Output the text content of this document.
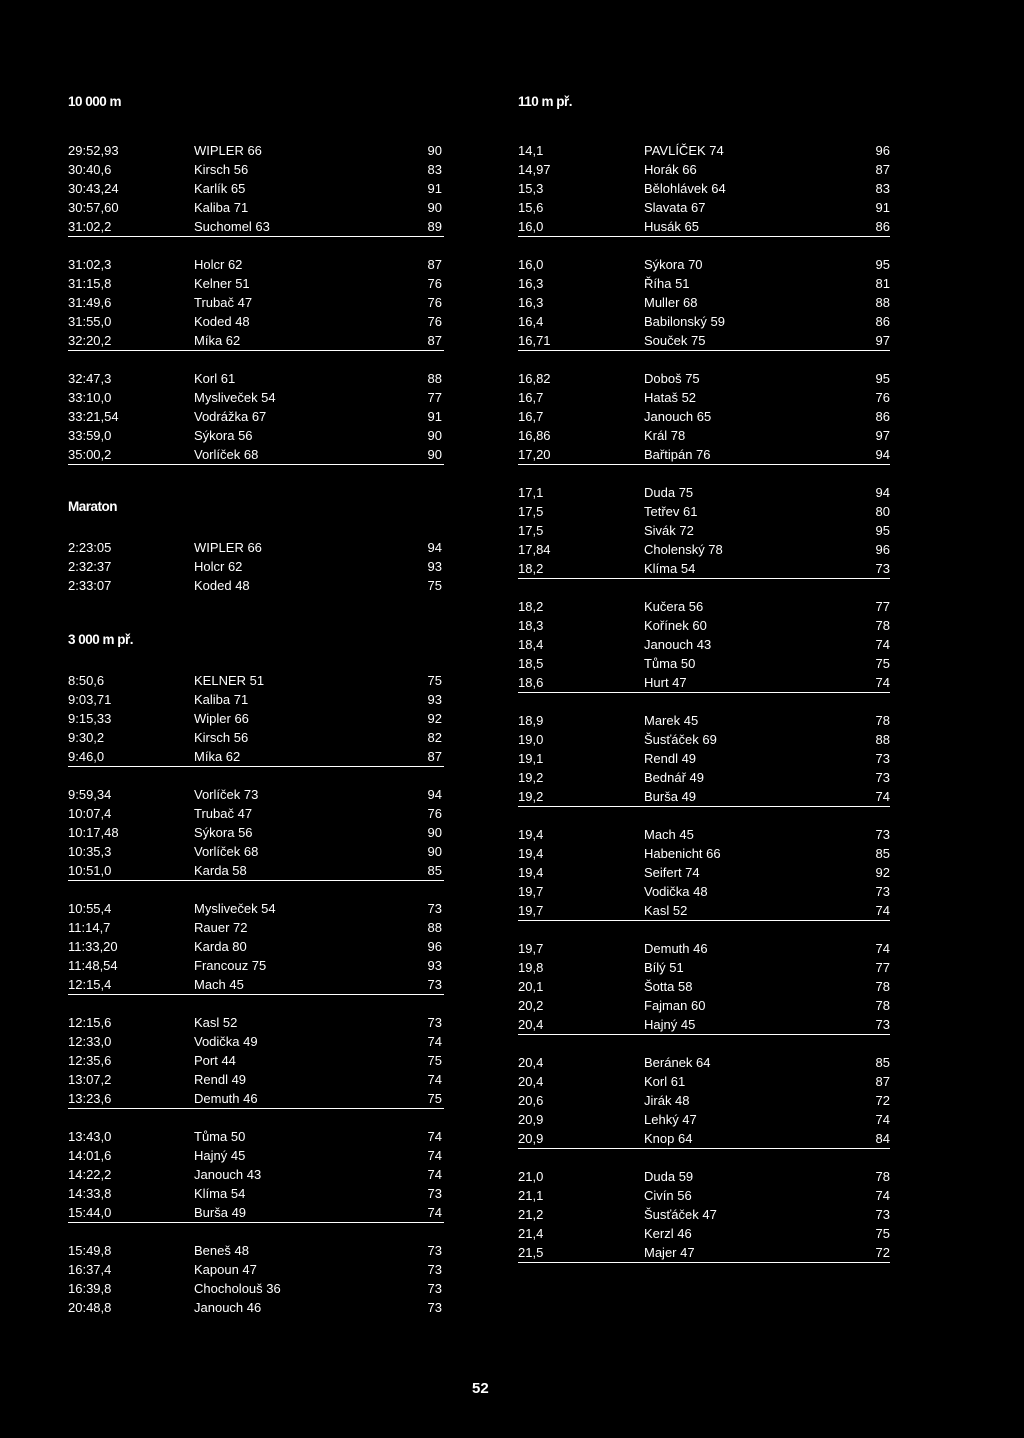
10 000 m
29:52,93	WIPLER 66	90
30:40,6	Kirsch 56	83
30:43,24	Karlík 65	91
30:57,60	Kaliba 71	90
31:02,2	Suchomel 63	89
31:02,3	Holcr 62	87
31:15,8	Kelner 51	76
31:49,6	Trubač 47	76
31:55,0	Koded 48	76
32:20,2	Míka 62	87
32:47,3	Korl 61	88
33:10,0	Mysliveček 54	77
33:21,54	Vodrážka 67	91
33:59,0	Sýkora 56	90
35:00,2	Vorlíček 68	90
Maraton
2:23:05	WIPLER 66	94
2:32:37	Holcr 62	93
2:33:07	Koded 48	75
3 000 m př.
8:50,6	KELNER 51	75
9:03,71	Kaliba 71	93
9:15,33	Wipler 66	92
9:30,2	Kirsch 56	82
9:46,0	Míka 62	87
9:59,34	Vorlíček 73	94
10:07,4	Trubač 47	76
10:17,48	Sýkora 56	90
10:35,3	Vorlíček 68	90
10:51,0	Karda 58	85
10:55,4	Mysliveček 54	73
11:14,7	Rauer 72	88
11:33,20	Karda 80	96
11:48,54	Francouz 75	93
12:15,4	Mach 45	73
12:15,6	Kasl 52	73
12:33,0	Vodička 49	74
12:35,6	Port 44	75
13:07,2	Rendl 49	74
13:23,6	Demuth 46	75
13:43,0	Tůma 50	74
14:01,6	Hajný 45	74
14:22,2	Janouch 43	74
14:33,8	Klíma 54	73
15:44,0	Burša 49	74
15:49,8	Beneš 48	73
16:37,4	Kapoun 47	73
16:39,8	Chocholouš 36	73
20:48,8	Janouch 46	73
110 m př.
14,1	PAVLÍČEK 74	96
14,97	Horák 66	87
15,3	Bělohlávek 64	83
15,6	Slavata 67	91
16,0	Husák 65	86
16,0	Sýkora 70	95
16,3	Říha 51	81
16,3	Muller 68	88
16,4	Babilonský 59	86
16,71	Souček 75	97
16,82	Doboš 75	95
16,7	Hataš 52	76
16,7	Janouch 65	86
16,86	Král 78	97
17,20	Bařtipán 76	94
17,1	Duda 75	94
17,5	Tetřev 61	80
17,5	Sivák 72	95
17,84	Cholenský 78	96
18,2	Klíma 54	73
18,2	Kučera 56	77
18,3	Kořínek 60	78
18,4	Janouch 43	74
18,5	Tůma 50	75
18,6	Hurt 47	74
18,9	Marek 45	78
19,0	Šusťáček 69	88
19,1	Rendl 49	73
19,2	Bednář 49	73
19,2	Burša 49	74
19,4	Mach 45	73
19,4	Habenicht 66	85
19,4	Seifert 74	92
19,7	Vodička 48	73
19,7	Kasl 52	74
19,7	Demuth 46	74
19,8	Bílý 51	77
20,1	Šotta 58	78
20,2	Fajman 60	78
20,4	Hajný 45	73
20,4	Beránek 64	85
20,4	Korl 61	87
20,6	Jirák 48	72
20,9	Lehký 47	74
20,9	Knop 64	84
21,0	Duda 59	78
21,1	Civín 56	74
21,2	Šusťáček 47	73
21,4	Kerzl 46	75
21,5	Majer 47	72
52
